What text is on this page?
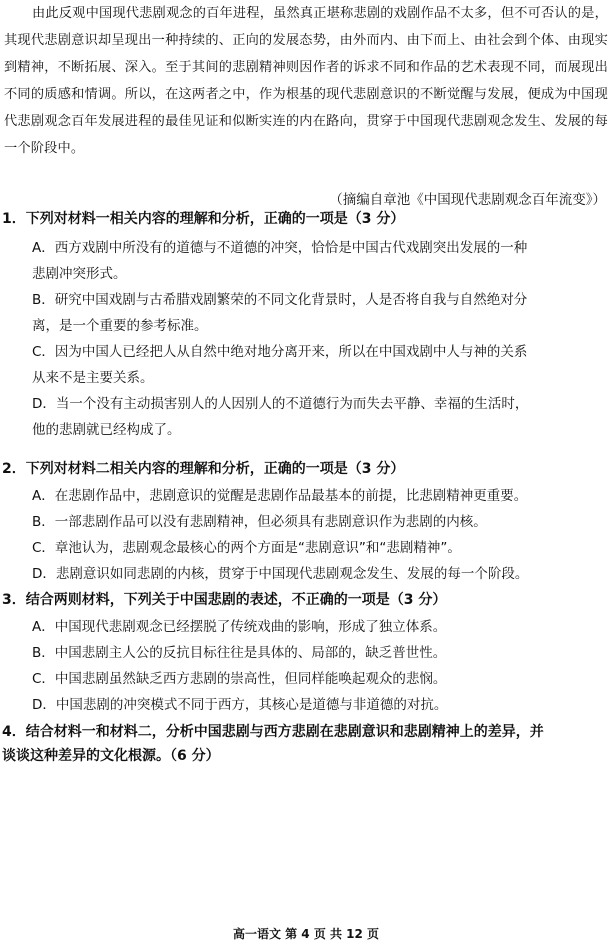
由此反观中国现代悲剧观念的百年进程，虽然真正堪称悲剧的戏剧作品不太多，但不可否认的是，其现代悲剧意识却呈现出一种持续的、正向的发展态势，由外而内、由下而上、由社会到个体、由现实到精神，不断拓展、深入。至于其间的悲剧精神则因作者的诉求不同和作品的艺术表现不同，而展现出不同的质感和情调。所以，在这两者之中，作为根基的现代悲剧意识的不断觉醒与发展，便成为中国现代悲剧观念百年发展进程的最佳见证和似断实连的内在路向，贯穿于中国现代悲剧观念发生、发展的每一个阶段中。
（摘编自章池《中国现代悲剧观念百年流变》）
1．下列对材料一相关内容的理解和分析，正确的一项是（3 分）
A．西方戏剧中所没有的道德与不道德的冲突，恰恰是中国古代戏剧突出发展的一种
悲剧冲突形式。
B．研究中国戏剧与古希腊戏剧繁荣的不同文化背景时，人是否将自我与自然绝对分
离，是一个重要的参考标准。
C．因为中国人已经把人从自然中绝对地分离开来，所以在中国戏剧中人与神的关系
从来不是主要关系。
D．当一个没有主动损害别人的人因别人的不道德行为而失去平静、幸福的生活时，
他的悲剧就已经构成了。
2．下列对材料二相关内容的理解和分析，正确的一项是（3 分）
A．在悲剧作品中，悲剧意识的觉醒是悲剧作品最基本的前提，比悲剧精神更重要。
B．一部悲剧作品可以没有悲剧精神，但必须具有悲剧意识作为悲剧的内核。
C．章池认为，悲剧观念最核心的两个方面是“悲剧意识”和“悲剧精神”。
D．悲剧意识如同悲剧的内核，贯穿于中国现代悲剧观念发生、发展的每一个阶段。
3．结合两则材料，下列关于中国悲剧的表述，不正确的一项是（3 分）
A．中国现代悲剧观念已经摆脱了传统戏曲的影响，形成了独立体系。
B．中国悲剧主人公的反抗目标往往是具体的、局部的，缺乏普世性。
C．中国悲剧虽然缺乏西方悲剧的崇高性，但同样能唤起观众的悲悯。
D．中国悲剧的冲突模式不同于西方，其核心是道德与非道德的对抗。
4．结合材料一和材料二，分析中国悲剧与西方悲剧在悲剧意识和悲剧精神上的差异，并
谈谈这种差异的文化根源。（6 分）
高一语文 第 4 页 共 12 页
